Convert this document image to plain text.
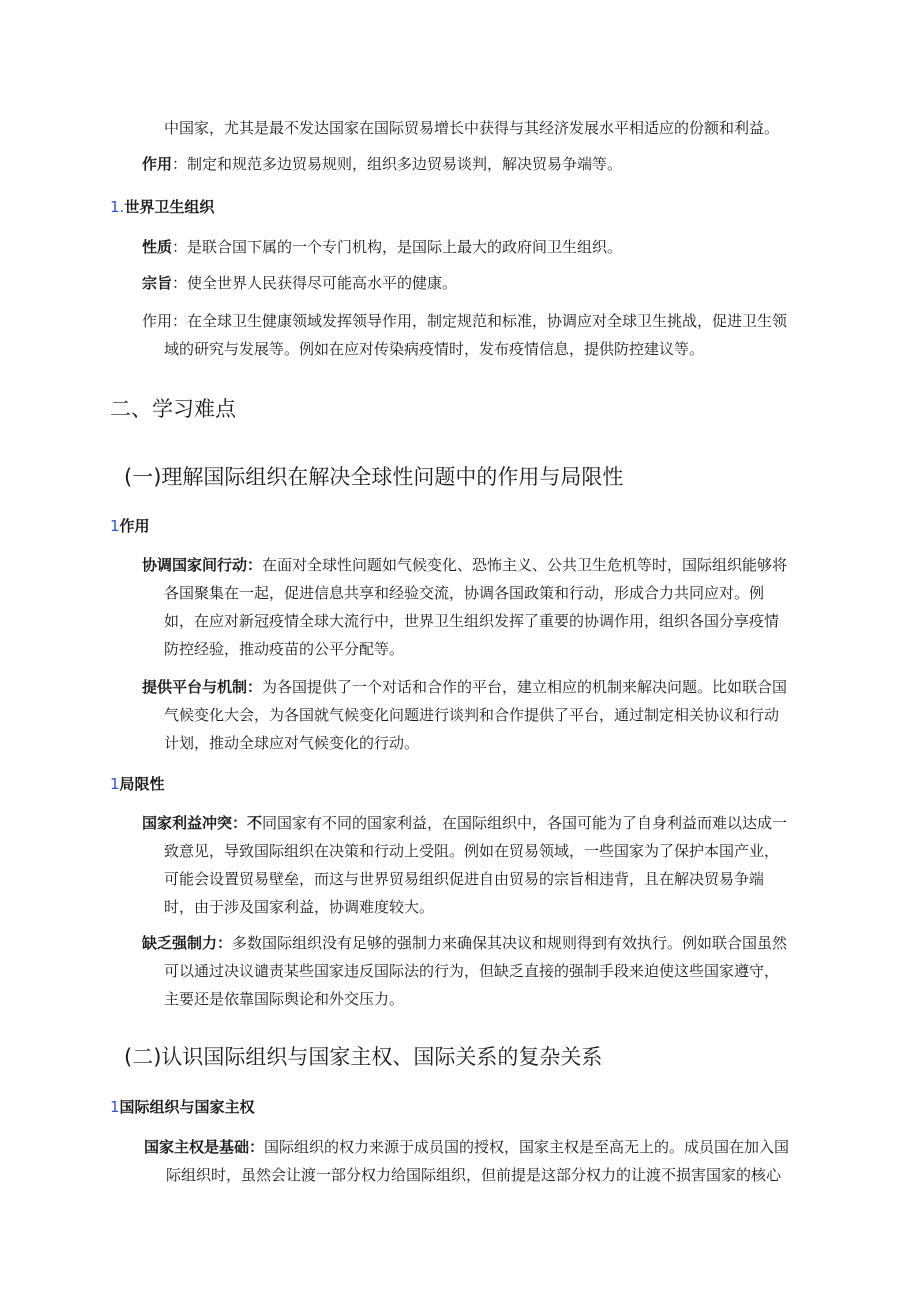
中国家，尤其是最不发达国家在国际贸易增长中获得与其经济发展水平相适应的份额和利益。
作用：制定和规范多边贸易规则，组织多边贸易谈判，解决贸易争端等。
1.世界卫生组织
性质：是联合国下属的一个专门机构，是国际上最大的政府间卫生组织。
宗旨：使全世界人民获得尽可能高水平的健康。
作用：在全球卫生健康领域发挥领导作用，制定规范和标准，协调应对全球卫生挑战，促进卫生领
域的研究与发展等。例如在应对传染病疫情时，发布疫情信息，提供防控建议等。
二、学习难点
(一)理解国际组织在解决全球性问题中的作用与局限性
1作用
协调国家间行动：在面对全球性问题如气候变化、恐怖主义、公共卫生危机等时，国际组织能够将
各国聚集在一起，促进信息共享和经验交流，协调各国政策和行动，形成合力共同应对。例
如，在应对新冠疫情全球大流行中，世界卫生组织发挥了重要的协调作用，组织各国分享疫情
防控经验，推动疫苗的公平分配等。
提供平台与机制：为各国提供了一个对话和合作的平台，建立相应的机制来解决问题。比如联合国
气候变化大会，为各国就气候变化问题进行谈判和合作提供了平台，通过制定相关协议和行动
计划，推动全球应对气候变化的行动。
1局限性
国家利益冲突：不同国家有不同的国家利益，在国际组织中，各国可能为了自身利益而难以达成一
致意见，导致国际组织在决策和行动上受阻。例如在贸易领域，一些国家为了保护本国产业，
可能会设置贸易壁垒，而这与世界贸易组织促进自由贸易的宗旨相违背，且在解决贸易争端
时，由于涉及国家利益，协调难度较大。
缺乏强制力：多数国际组织没有足够的强制力来确保其决议和规则得到有效执行。例如联合国虽然
可以通过决议谴责某些国家违反国际法的行为，但缺乏直接的强制手段来迫使这些国家遵守，
主要还是依靠国际舆论和外交压力。
(二)认识国际组织与国家主权、国际关系的复杂关系
1国际组织与国家主权
国家主权是基础：国际组织的权力来源于成员国的授权，国家主权是至高无上的。成员国在加入国
际组织时，虽然会让渡一部分权力给国际组织，但前提是这部分权力的让渡不损害国家的核心
